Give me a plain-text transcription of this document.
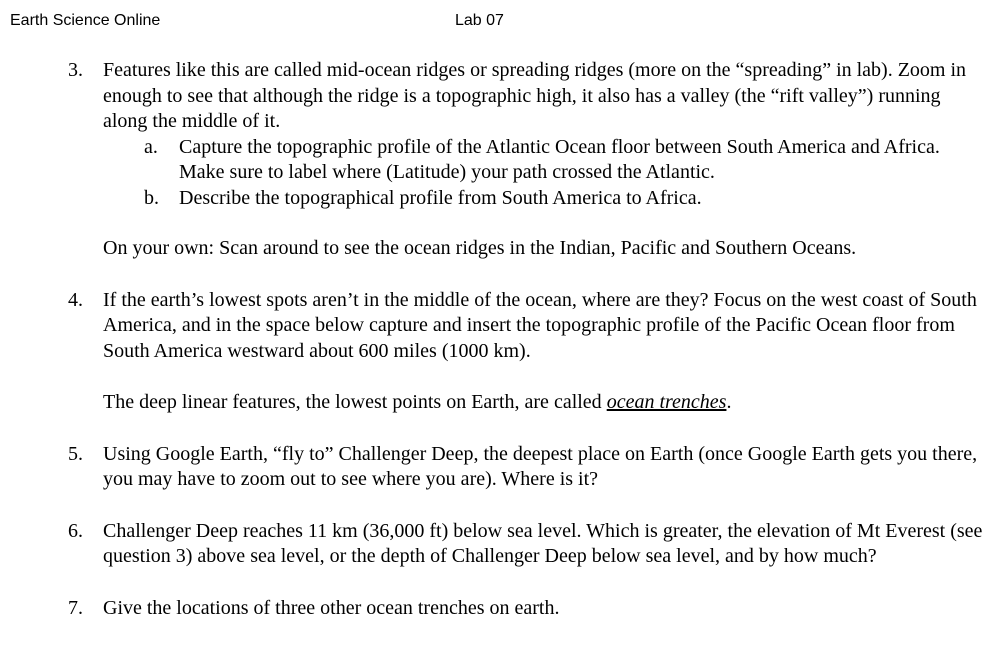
Earth Science Online	Lab 07
3. Features like this are called mid-ocean ridges or spreading ridges (more on the “spreading” in lab). Zoom in enough to see that although the ridge is a topographic high, it also has a valley (the “rift valley”) running along the middle of it.
a. Capture the topographic profile of the Atlantic Ocean floor between South America and Africa. Make sure to label where (Latitude) your path crossed the Atlantic.
b. Describe the topographical profile from South America to Africa.
On your own: Scan around to see the ocean ridges in the Indian, Pacific and Southern Oceans.
4. If the earth’s lowest spots aren’t in the middle of the ocean, where are they? Focus on the west coast of South America, and in the space below capture and insert the topographic profile of the Pacific Ocean floor from South America westward about 600 miles (1000 km).
The deep linear features, the lowest points on Earth, are called ocean trenches.
5. Using Google Earth, “fly to” Challenger Deep, the deepest place on Earth (once Google Earth gets you there, you may have to zoom out to see where you are). Where is it?
6. Challenger Deep reaches 11 km (36,000 ft) below sea level. Which is greater, the elevation of Mt Everest (see question 3) above sea level, or the depth of Challenger Deep below sea level, and by how much?
7. Give the locations of three other ocean trenches on earth.
